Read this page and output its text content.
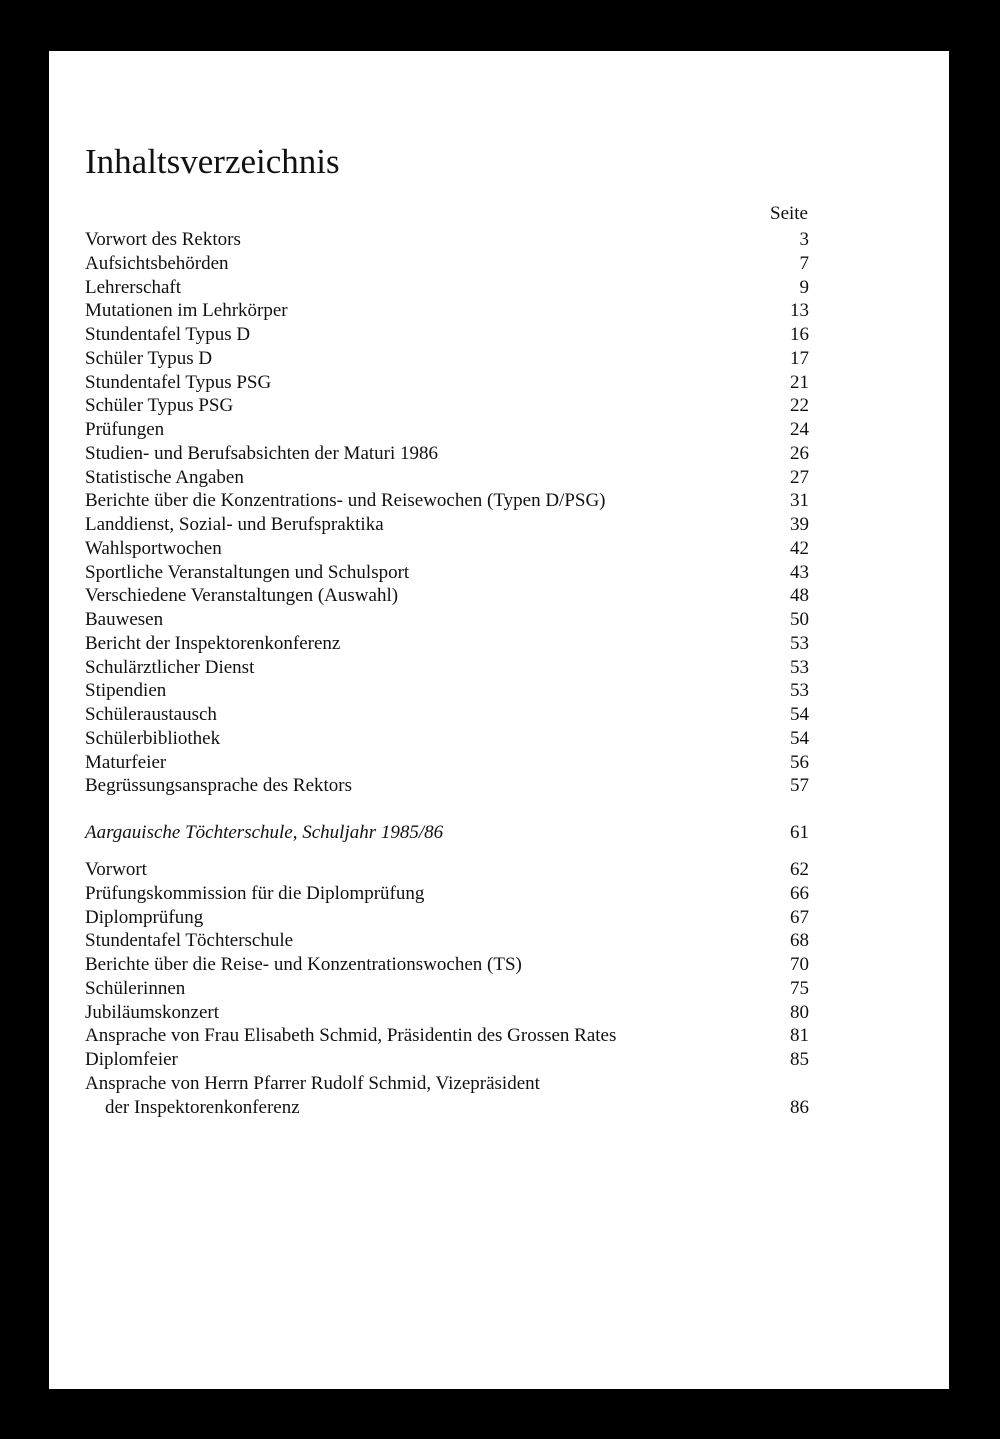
Inhaltsverzeichnis
Seite
Vorwort des Rektors	3
Aufsichtsbehörden	7
Lehrerschaft	9
Mutationen im Lehrkörper	13
Stundentafel Typus D	16
Schüler Typus D	17
Stundentafel Typus PSG	21
Schüler Typus PSG	22
Prüfungen	24
Studien- und Berufsabsichten der Maturi 1986	26
Statistische Angaben	27
Berichte über die Konzentrations- und Reisewochen (Typen D/PSG)	31
Landdienst, Sozial- und Berufspraktika	39
Wahlsportwochen	42
Sportliche Veranstaltungen und Schulsport	43
Verschiedene Veranstaltungen (Auswahl)	48
Bauwesen	50
Bericht der Inspektorenkonferenz	53
Schulärztlicher Dienst	53
Stipendien	53
Schüleraustausch	54
Schülerbibliothek	54
Maturfeier	56
Begrüssungsansprache des Rektors	57
Aargauische Töchterschule, Schuljahr 1985/86	61
Vorwort	62
Prüfungskommission für die Diplomprüfung	66
Diplomprüfung	67
Stundentafel Töchterschule	68
Berichte über die Reise- und Konzentrationswochen (TS)	70
Schülerinnen	75
Jubiläumskonzert	80
Ansprache von Frau Elisabeth Schmid, Präsidentin des Grossen Rates	81
Diplomfeier	85
Ansprache von Herrn Pfarrer Rudolf Schmid, Vizepräsident
der Inspektorenkonferenz	86
